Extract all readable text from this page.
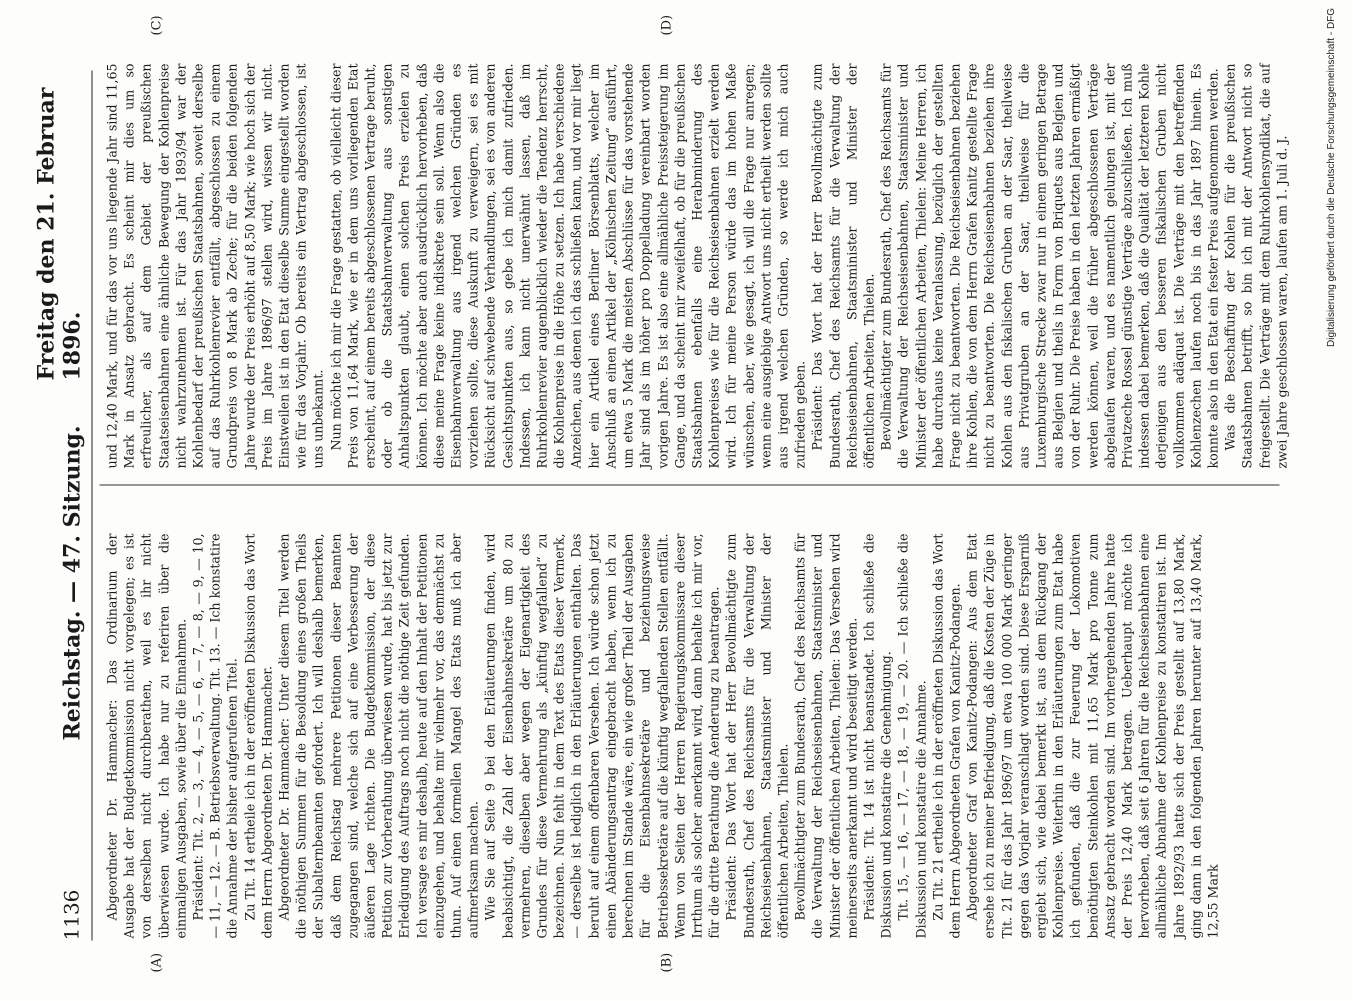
1136
Reichstag. — 47. Sitzung.
Freitag den 21. Februar 1896.
(A)	(B)
(C)	(D)

Abgeordneter Dr. Hammacher: Das Ordinarium der Ausgabe hat der Budgetkommission nicht vorgelegen; es ist von derselben nicht durchberathen, weil es ihr nicht überwiesen wurde. Ich habe nur zu referiren über die einmaligen Ausgaben, sowie über die Einnahmen. Präsident: Tit. 2, — 3, — 4, — 5, — 6, — 7, — 8, — 9, — 10, — 11, — 12. — B. Betriebsverwaltung. Tit. 13. — Ich konstatire die Annahme der bisher aufgerufenen Titel. Zu Tit. 14 ertheile ich in der eröffneten Diskussion das Wort dem Herrn Abgeordneten Dr. Hammacher. Abgeordneter Dr. Hammacher: Unter diesem Titel werden die nöthigen Summen für die Besoldung eines großen Theils der Subalternbeamten gefordert. Ich will deshalb bemerken, daß dem Reichstag mehrere Petitionen dieser Beamten zugegangen sind, welche sich auf eine Verbesserung der äußeren Lage richten. Die Budgetkommission, der diese Petition zur Vorberathung überwiesen wurde, hat bis jetzt zur Erledigung des Auftrags noch nicht die nöthige Zeit gefunden. Ich versage es mir deshalb, heute auf den Inhalt der Petitionen einzugehen, und behalte mir vielmehr vor, das demnächst zu thun. Auf einen formellen Mangel des Etats muß ich aber aufmerksam machen. Wie Sie auf Seite 9 bei den Erläuterungen finden, wird beabsichtigt, die Zahl der Eisenbahnsekretäre um 80 zu vermehren, dieselben aber wegen der Eigenartigkeit des Grundes für diese Vermehrung als „künftig wegfallend“ zu bezeichnen. Nun fehlt in dem Text des Etats dieser Vermerk, — derselbe ist lediglich in den Erläuterungen enthalten. Das beruht auf einem offenbaren Versehen. Ich würde schon jetzt einen Abänderungsantrag eingebracht haben, wenn ich zu berechnen im Stande wäre, ein wie großer Theil der Ausgaben für die Eisenbahnsekretäre und beziehungsweise Betriebssekretäre auf die künftig wegfallenden Stellen entfällt. Wenn von Seiten der Herren Regierungskommissare dieser Irrthum als solcher anerkannt wird, dann behalte ich mir vor, für die dritte Berathung die Aenderung zu beantragen. Präsident: Das Wort hat der Herr Bevollmächtigte zum Bundesrath, Chef des Reichsamts für die Verwaltung der Reichseisenbahnen, Staatsminister und Minister der öffentlichen Arbeiten, Thielen. Bevollmächtigter zum Bundesrath, Chef des Reichsamts für die Verwaltung der Reichseisenbahnen, Staatsminister und Minister der öffentlichen Arbeiten, Thielen: Das Versehen wird meinerseits anerkannt und wird beseitigt werden. Präsident: Tit. 14 ist nicht beanstandet. Ich schließe die Diskussion und konstatire die Genehmigung. Tit. 15, — 16, — 17, — 18, — 19, — 20. — Ich schließe die Diskussion und konstatire die Annahme. Zu Tit. 21 ertheile ich in der eröffneten Diskussion das Wort dem Herrn Abgeordneten Grafen von Kanitz-Podangen. Abgeordneter Graf von Kanitz-Podangen: Aus dem Etat ersehe ich zu meiner Befriedigung, daß die Kosten der Züge in Tit. 21 für das Jahr 1896/97 um etwa 100 000 Mark geringer gegen das Vorjahr veranschlagt worden sind. Diese Ersparniß ergiebt sich, wie dabei bemerkt ist, aus dem Rückgang der Kohlenpreise. Weiterhin in den Erläuterungen zum Etat habe ich gefunden, daß die zur Feuerung der Lokomotiven benöthigten Steinkohlen mit 11,65 Mark pro Tonne zum Ansatz gebracht worden sind. Im vorhergehenden Jahre hatte der Preis 12,40 Mark betragen. Ueberhaupt möchte ich hervorheben, daß seit 6 Jahren für die Reichseisenbahnen eine allmähliche Abnahme der Kohlenpreise zu konstatiren ist. Im Jahre 1892/93 hatte sich der Preis gestellt auf 13,80 Mark, ging dann in den folgenden Jahren herunter auf 13,40 Mark, 12,55 Mark

und 12,40 Mark, und für das vor uns liegende Jahr sind 11,65 Mark in Ansatz gebracht. Es scheint mir dies um so erfreulicher, als auf dem Gebiet der preußischen Staatseisenbahnen eine ähnliche Bewegung der Kohlenpreise nicht wahrzunehmen ist. Für das Jahr 1893/94 war der Kohlenbedarf der preußischen Staatsbahnen, soweit derselbe auf das Ruhrkohlenrevier entfällt, abgeschlossen zu einem Grundpreis von 8 Mark ab Zeche; für die beiden folgenden Jahre wurde der Preis erhöht auf 8,50 Mark; wie hoch sich der Preis im Jahre 1896/97 stellen wird, wissen wir nicht. Einstweilen ist in den Etat dieselbe Summe eingestellt worden wie für das Vorjahr. Ob bereits ein Vertrag abgeschlossen, ist uns unbekannt. Nun möchte ich mir die Frage gestatten, ob vielleicht dieser Preis von 11,64 Mark, wie er in dem uns vorliegenden Etat erscheint, auf einem bereits abgeschlossenen Vertrage beruht, oder ob die Staatsbahnverwaltung aus sonstigen Anhaltspunkten glaubt, einen solchen Preis erzielen zu können. Ich möchte aber auch ausdrücklich hervorheben, daß diese meine Frage keine indiskrete sein soll. Wenn also die Eisenbahnverwaltung aus irgend welchen Gründen es vorziehen sollte, diese Auskunft zu verweigern, sei es mit Rücksicht auf schwebende Verhandlungen, sei es von anderen Gesichtspunkten aus, so gebe ich mich damit zufrieden. Indessen, ich kann nicht unerwähnt lassen, daß im Ruhrkohlenrevier augenblicklich wieder die Tendenz herrscht, die Kohlenpreise in die Höhe zu setzen. Ich habe verschiedene Anzeichen, aus denen ich das schließen kann, und vor mir liegt hier ein Artikel eines Berliner Börsenblatts, welcher im Anschluß an einen Artikel der „Kölnischen Zeitung“ ausführt, um etwa 5 Mark die meisten Abschlüsse für das vorstehende Jahr sind als im höher pro Doppelladung vereinbart worden vorigen Jahre. Es ist also eine allmähliche Preissteigerung im Gange, und da scheint mir zweifelhaft, ob für die preußischen Staatsbahnen ebenfalls eine Herabminderung des Kohlenpreises wie für die Reichseisenbahnen erzielt werden wird. Ich für meine Person würde das im hohen Maße wünschen, aber, wie gesagt, ich will die Frage nur anregen; wenn eine ausgiebige Antwort uns nicht ertheilt werden sollte aus irgend welchen Gründen, so werde ich mich auch zufrieden geben. Präsident: Das Wort hat der Herr Bevollmächtigte zum Bundesrath, Chef des Reichsamts für die Verwaltung der Reichseisenbahnen, Staatsminister und Minister der öffentlichen Arbeiten, Thielen. Bevollmächtigter zum Bundesrath, Chef des Reichsamts für die Verwaltung der Reichseisenbahnen, Staatsminister und Minister der öffentlichen Arbeiten, Thielen: Meine Herren, ich habe durchaus keine Veranlassung, bezüglich der gestellten Frage nicht zu beantworten. Die Reichseisenbahnen beziehen ihre Kohlen, die von dem Herrn Grafen Kanitz gestellte Frage nicht zu beantworten. Die Reichseisenbahnen beziehen ihre Kohlen aus den fiskalischen Gruben an der Saar, theilweise aus Privatgruben an der Saar, theilweise für die Luxemburgische Strecke zwar nur in einem geringen Betrage aus Belgien und theils in Form von Briquets aus Belgien und von der Ruhr. Die Preise haben in den letzten Jahren ermäßigt werden können, weil die früher abgeschlossenen Verträge abgelaufen waren, und es namentlich gelungen ist, mit der Privatzeche Rossel günstige Verträge abzuschließen. Ich muß indessen dabei bemerken, daß die Qualität der letzteren Kohle derjenigen aus den besseren fiskalischen Gruben nicht vollkommen adäquat ist. Die Verträge mit den betreffenden Kohlenzechen laufen noch bis in das Jahr 1897 hinein. Es konnte also in den Etat ein fester Preis aufgenommen werden. Was die Beschaffung der Kohlen für die preußischen Staatsbahnen betrifft, so bin ich mit der Antwort nicht so freigestellt. Die Verträge mit dem Ruhrkohlensyndikat, die auf zwei Jahre geschlossen waren, laufen am 1. Juli d. J.	Digitalisierung gefördert durch die Deutsche Forschungsgemeinschaft - DFG
